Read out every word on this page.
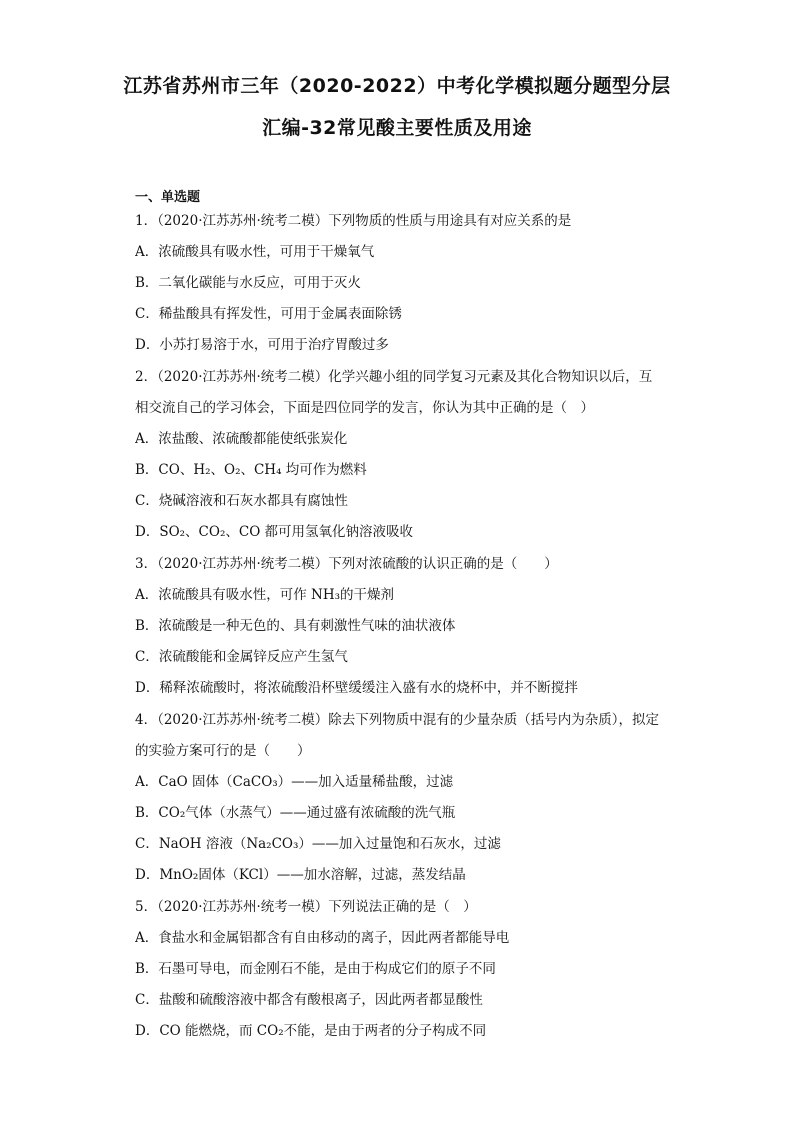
江苏省苏州市三年（2020-2022）中考化学模拟题分题型分层
汇编-32常见酸主要性质及用途
一、单选题
1．（2020·江苏苏州·统考二模）下列物质的性质与用途具有对应关系的是
A．浓硫酸具有吸水性，可用于干燥氧气
B．二氧化碳能与水反应，可用于灭火
C．稀盐酸具有挥发性，可用于金属表面除锈
D．小苏打易溶于水，可用于治疗胃酸过多
2．（2020·江苏苏州·统考二模）化学兴趣小组的同学复习元素及其化合物知识以后，互
相交流自己的学习体会，下面是四位同学的发言，你认为其中正确的是（　）
A．浓盐酸、浓硫酸都能使纸张炭化
B．CO、H₂、O₂、CH₄ 均可作为燃料
C．烧碱溶液和石灰水都具有腐蚀性
D．SO₂、CO₂、CO 都可用氢氧化钠溶液吸收
3．（2020·江苏苏州·统考二模）下列对浓硫酸的认识正确的是（　　）
A．浓硫酸具有吸水性，可作 NH₃的干燥剂
B．浓硫酸是一种无色的、具有刺激性气味的油状液体
C．浓硫酸能和金属锌反应产生氢气
D．稀释浓硫酸时，将浓硫酸沿杯壁缓缓注入盛有水的烧杯中，并不断搅拌
4．（2020·江苏苏州·统考二模）除去下列物质中混有的少量杂质（括号内为杂质），拟定
的实验方案可行的是（　　）
A．CaO 固体（CaCO₃）——加入适量稀盐酸，过滤
B．CO₂气体（水蒸气）——通过盛有浓硫酸的洗气瓶
C．NaOH 溶液（Na₂CO₃）——加入过量饱和石灰水，过滤
D．MnO₂固体（KCl）——加水溶解，过滤，蒸发结晶
5．（2020·江苏苏州·统考一模）下列说法正确的是（　）
A．食盐水和金属铝都含有自由移动的离子，因此两者都能导电
B．石墨可导电，而金刚石不能，是由于构成它们的原子不同
C．盐酸和硫酸溶液中都含有酸根离子，因此两者都显酸性
D．CO 能燃烧，而 CO₂不能，是由于两者的分子构成不同
